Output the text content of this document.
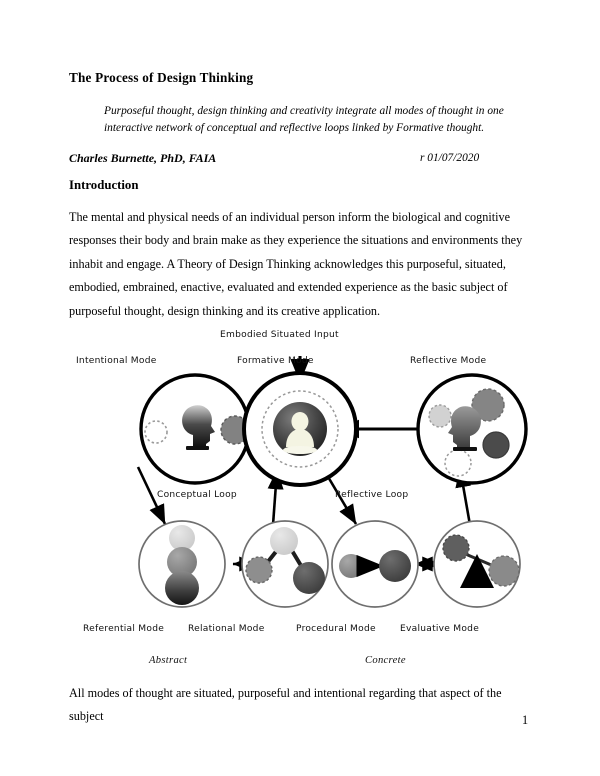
The Process of Design Thinking
Purposeful thought, design thinking and creativity integrate all modes of thought in one interactive network of conceptual and reflective loops linked by Formative thought.
Charles Burnette, PhD, FAIA	r 01/07/2020
Introduction
The mental and physical needs of an individual person inform the biological and cognitive responses their body and brain make as they experience the situations and environments they inhabit and engage. A Theory of Design Thinking acknowledges this purposeful, situated, embodied, embrained, enactive, evaluated and extended experience as the basic subject of purposeful thought, design thinking and its creative application.
All modes of thought are situated, purposeful and intentional regarding that aspect of the subject	1
Embodied Situated Input
Intentional Mode	Formative Mode	Reflective Mode
Conceptual Loop	Reflective Loop
Referential Mode	Relational Mode	Procedural Mode	Evaluative Mode
Abstract	Concrete
